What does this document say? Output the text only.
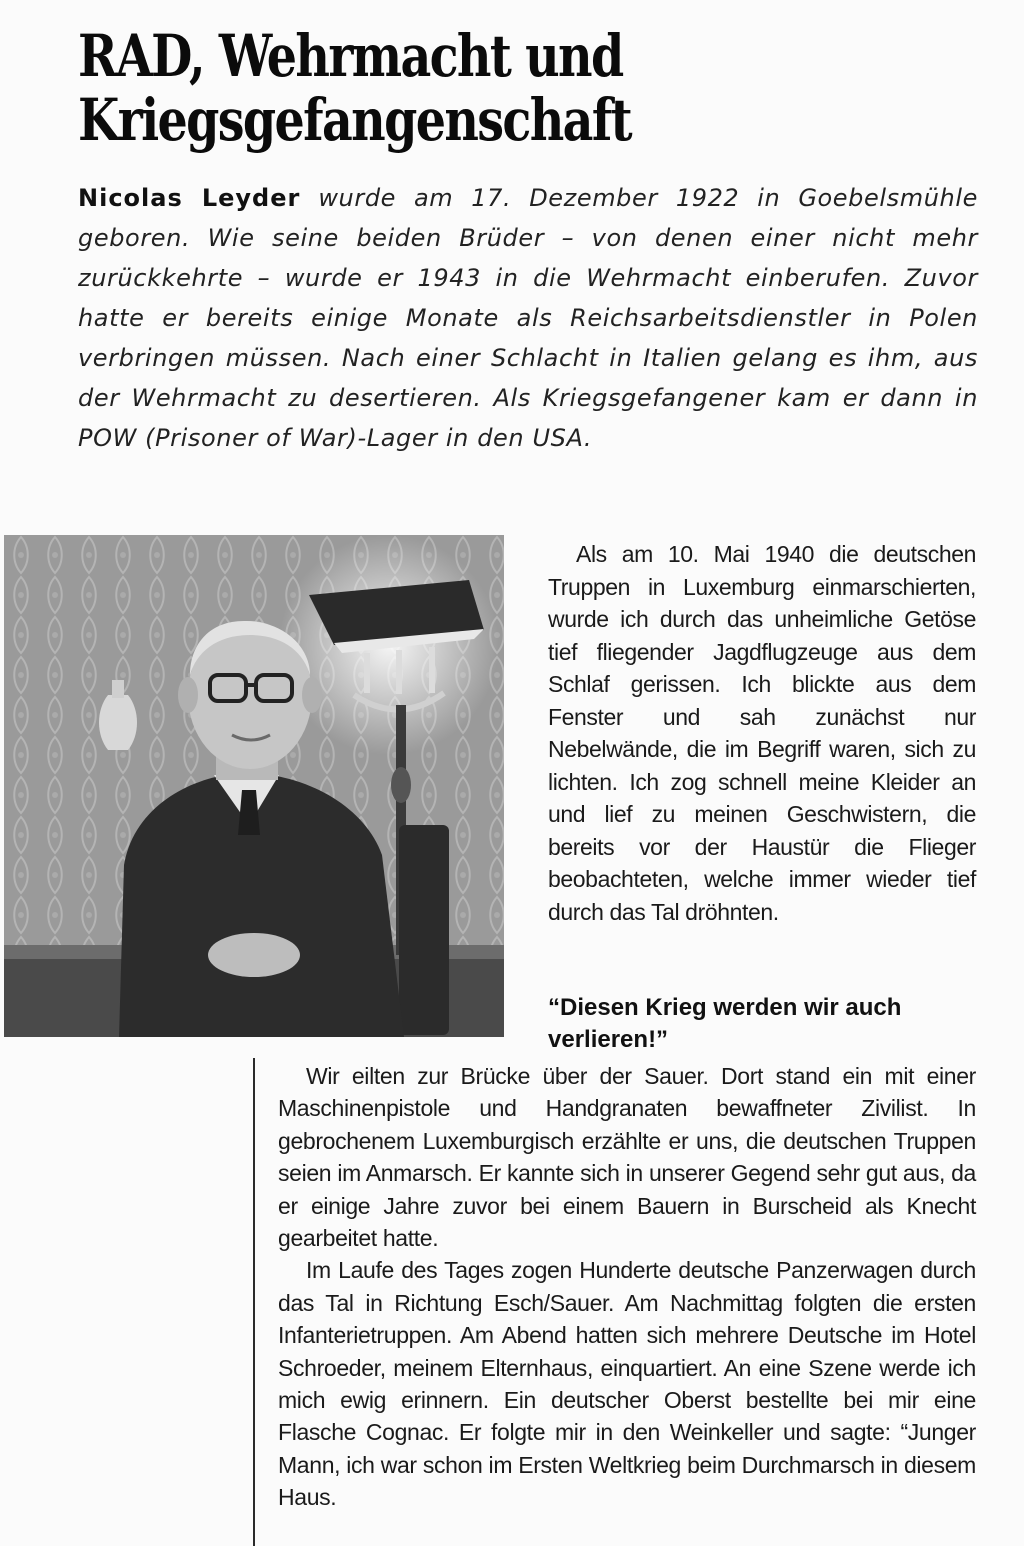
RAD, Wehrmacht und
Kriegsgefangenschaft

Nicolas Leyder wurde am 17. Dezember 1922 in Goebelsmühle geboren. Wie seine beiden Brüder – von denen einer nicht mehr zurückkehrte – wurde er 1943 in die Wehrmacht einberufen. Zuvor hatte er bereits einige Monate als Reichsarbeitsdienstler in Polen verbringen müssen. Nach einer Schlacht in Italien gelang es ihm, aus der Wehrmacht zu desertieren. Als Kriegsgefangener kam er dann in POW (Prisoner of War)-Lager in den USA.

Als am 10. Mai 1940 die deutschen Truppen in Luxemburg einmarschierten, wurde ich durch das unheimliche Getöse tief fliegender Jagdflugzeuge aus dem Schlaf gerissen. Ich blickte aus dem Fenster und sah zunächst nur Nebelwände, die im Begriff waren, sich zu lichten. Ich zog schnell meine Kleider an und lief zu meinen Geschwistern, die bereits vor der Haustür die Flieger beobachteten, welche immer wieder tief durch das Tal dröhnten.

“Diesen Krieg werden wir auch verlieren!”

Wir eilten zur Brücke über der Sauer. Dort stand ein mit einer Maschinenpistole und Handgranaten bewaffneter Zivilist. In gebrochenem Luxemburgisch erzählte er uns, die deutschen Truppen seien im Anmarsch. Er kannte sich in unserer Gegend sehr gut aus, da er einige Jahre zuvor bei einem Bauern in Burscheid als Knecht gearbeitet hatte.

Im Laufe des Tages zogen Hunderte deutsche Panzerwagen durch das Tal in Richtung Esch/Sauer. Am Nachmittag folgten die ersten Infanterietruppen. Am Abend hatten sich mehrere Deutsche im Hotel Schroeder, meinem Elternhaus, einquartiert. An eine Szene werde ich mich ewig erinnern. Ein deutscher Oberst bestellte bei mir eine Flasche Cognac. Er folgte mir in den Weinkeller und sagte: “Junger Mann, ich war schon im Ersten Weltkrieg beim Durchmarsch in diesem Haus.
